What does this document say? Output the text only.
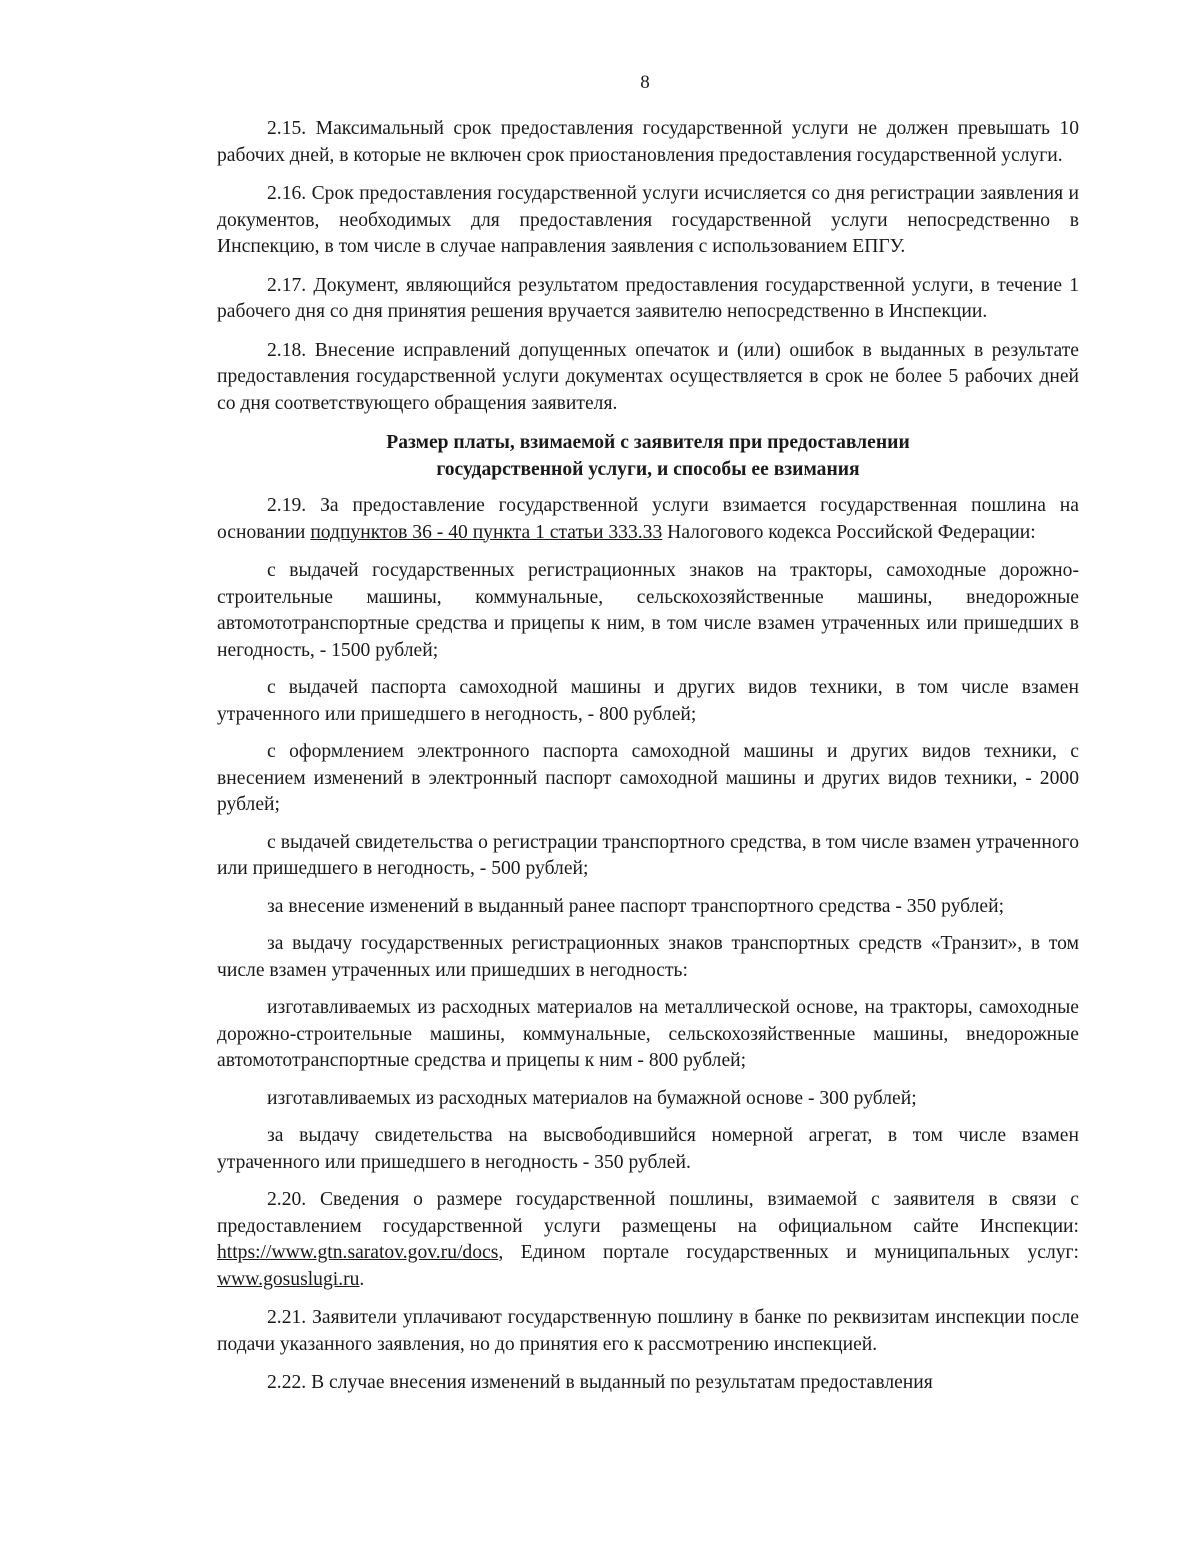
8

2.15. Максимальный срок предоставления государственной услуги не должен превышать 10 рабочих дней, в которые не включен срок приостановления предоставления государственной услуги.

2.16. Срок предоставления государственной услуги исчисляется со дня регистрации заявления и документов, необходимых для предоставления государственной услуги непосредственно в Инспекцию, в том числе в случае направления заявления с использованием ЕПГУ.

2.17. Документ, являющийся результатом предоставления государственной услуги, в течение 1 рабочего дня со дня принятия решения вручается заявителю непосредственно в Инспекции.

2.18. Внесение исправлений допущенных опечаток и (или) ошибок в выданных в результате предоставления государственной услуги документах осуществляется в срок не более 5 рабочих дней со дня соответствующего обращения заявителя.

Размер платы, взимаемой с заявителя при предоставлении
государственной услуги, и способы ее взимания

2.19. За предоставление государственной услуги взимается государственная пошлина на основании подпунктов 36 - 40 пункта 1 статьи 333.33 Налогового кодекса Российской Федерации:

с выдачей государственных регистрационных знаков на тракторы, самоходные дорожно-строительные машины, коммунальные, сельскохозяйственные машины, внедорожные автомототранспортные средства и прицепы к ним, в том числе взамен утраченных или пришедших в негодность, - 1500 рублей;

с выдачей паспорта самоходной машины и других видов техники, в том числе взамен утраченного или пришедшего в негодность, - 800 рублей;

с оформлением электронного паспорта самоходной машины и других видов техники, с внесением изменений в электронный паспорт самоходной машины и других видов техники, - 2000 рублей;

с выдачей свидетельства о регистрации транспортного средства, в том числе взамен утраченного или пришедшего в негодность, - 500 рублей;

за внесение изменений в выданный ранее паспорт транспортного средства - 350 рублей;

за выдачу государственных регистрационных знаков транспортных средств «Транзит», в том числе взамен утраченных или пришедших в негодность:

изготавливаемых из расходных материалов на металлической основе, на тракторы, самоходные дорожно-строительные машины, коммунальные, сельскохозяйственные машины, внедорожные автомототранспортные средства и прицепы к ним - 800 рублей;

изготавливаемых из расходных материалов на бумажной основе - 300 рублей;

за выдачу свидетельства на высвободившийся номерной агрегат, в том числе взамен утраченного или пришедшего в негодность - 350 рублей.

2.20. Сведения о размере государственной пошлины, взимаемой с заявителя в связи с предоставлением государственной услуги размещены на официальном сайте Инспекции: https://www.gtn.saratov.gov.ru/docs, Едином портале государственных и муниципальных услуг: www.gosuslugi.ru.

2.21. Заявители уплачивают государственную пошлину в банке по реквизитам инспекции после подачи указанного заявления, но до принятия его к рассмотрению инспекцией.

2.22. В случае внесения изменений в выданный по результатам предоставления
